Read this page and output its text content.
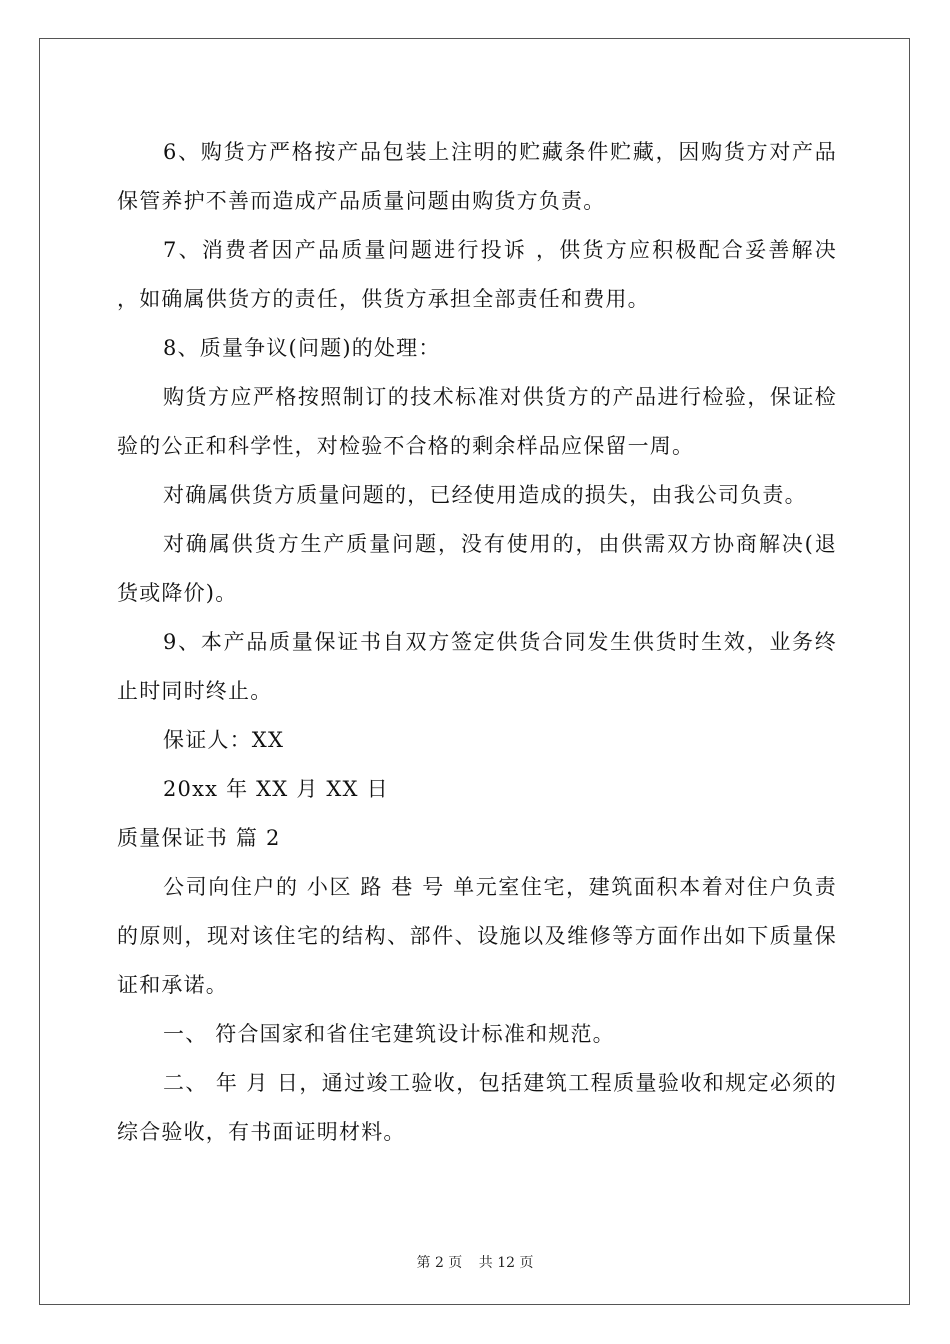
6、购货方严格按产品包装上注明的贮藏条件贮藏，因购货方对产品保管养护不善而造成产品质量问题由购货方负责。

7、消费者因产品质量问题进行投诉 ，供货方应积极配合妥善解决 ，如确属供货方的责任，供货方承担全部责任和费用。

8、质量争议(问题)的处理：

购货方应严格按照制订的技术标准对供货方的产品进行检验，保证检验的公正和科学性，对检验不合格的剩余样品应保留一周。

对确属供货方质量问题的，已经使用造成的损失，由我公司负责。

对确属供货方生产质量问题，没有使用的，由供需双方协商解决(退货或降价)。

9、本产品质量保证书自双方签定供货合同发生供货时生效，业务终止时同时终止。

保证人：XX

20xx 年 XX 月 XX 日

质量保证书 篇 2

公司向住户的 小区 路 巷 号 单元室住宅，建筑面积本着对住户负责的原则，现对该住宅的结构、部件、设施以及维修等方面作出如下质量保证和承诺。

一、 符合国家和省住宅建筑设计标准和规范。

二、 年 月 日，通过竣工验收，包括建筑工程质量验收和规定必须的综合验收，有书面证明材料。

第 2 页 共 12 页
